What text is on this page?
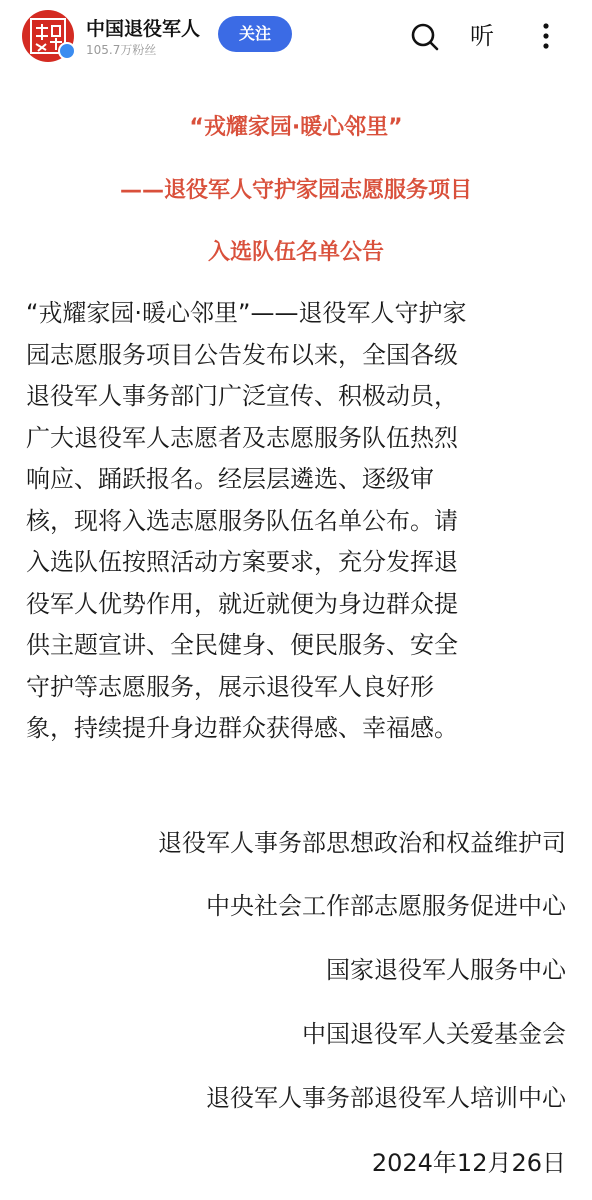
中国退役军人
105.7万粉丝
关注	听
“戎耀家园·暖心邻里”
——退役军人守护家园志愿服务项目
入选队伍名单公告
“戎耀家园·暖心邻里”——退役军人守护家
园志愿服务项目公告发布以来，全国各级
退役军人事务部门广泛宣传、积极动员，
广大退役军人志愿者及志愿服务队伍热烈
响应、踊跃报名。经层层遴选、逐级审
核，现将入选志愿服务队伍名单公布。请
入选队伍按照活动方案要求，充分发挥退
役军人优势作用，就近就便为身边群众提
供主题宣讲、全民健身、便民服务、安全
守护等志愿服务，展示退役军人良好形
象，持续提升身边群众获得感、幸福感。
退役军人事务部思想政治和权益维护司
中央社会工作部志愿服务促进中心
国家退役军人服务中心
中国退役军人关爱基金会
退役军人事务部退役军人培训中心
2024年12月26日
